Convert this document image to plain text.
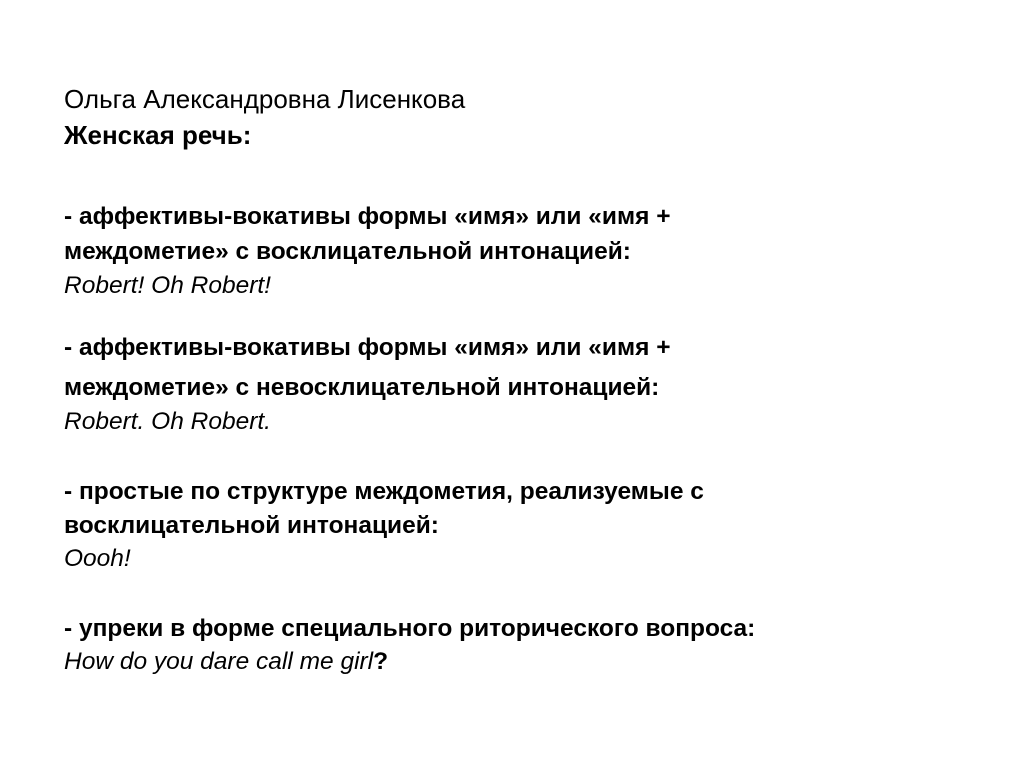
Ольга Александровна Лисенкова
Женская речь:
- аффективы-вокативы формы «имя» или «имя +
междометие» с восклицательной интонацией:
Robert! Oh Robert!
- аффективы-вокативы формы «имя» или «имя +
междометие» с невосклицательной интонацией:
Robert. Oh Robert.
- простые по структуре междометия, реализуемые с
восклицательной интонацией:
Oooh!
- упреки в форме специального риторического вопроса:
How do you dare call me girl?
